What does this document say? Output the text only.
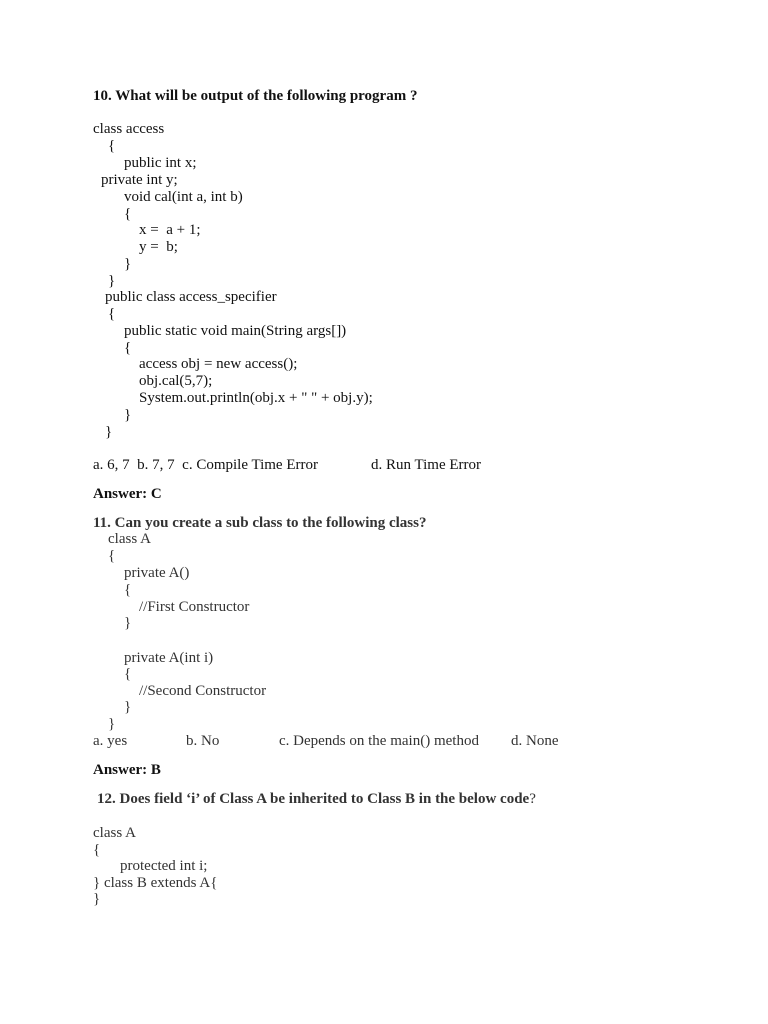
10. What will be output of the following program ?
class access
{
public int x;
private int y;
void cal(int a, int b)
{
x =  a + 1;
y =  b;
}
}
public class access_specifier
{
public static void main(String args[])
{
access obj = new access();
obj.cal(5,7);
System.out.println(obj.x + " " + obj.y);
}
}
a. 6, 7  b. 7, 7  c. Compile Time Error	d. Run Time Error
Answer: C
11. Can you create a sub class to the following class?
class A
{
private A()
{
//First Constructor
}
private A(int i)
{
//Second Constructor
}
}
a. yes	b. No	c. Depends on the main() method d. None
Answer: B
12. Does field ‘i’ of Class A be inherited to Class B in the below code?
class A
{
protected int i;
} class B extends A{
}
